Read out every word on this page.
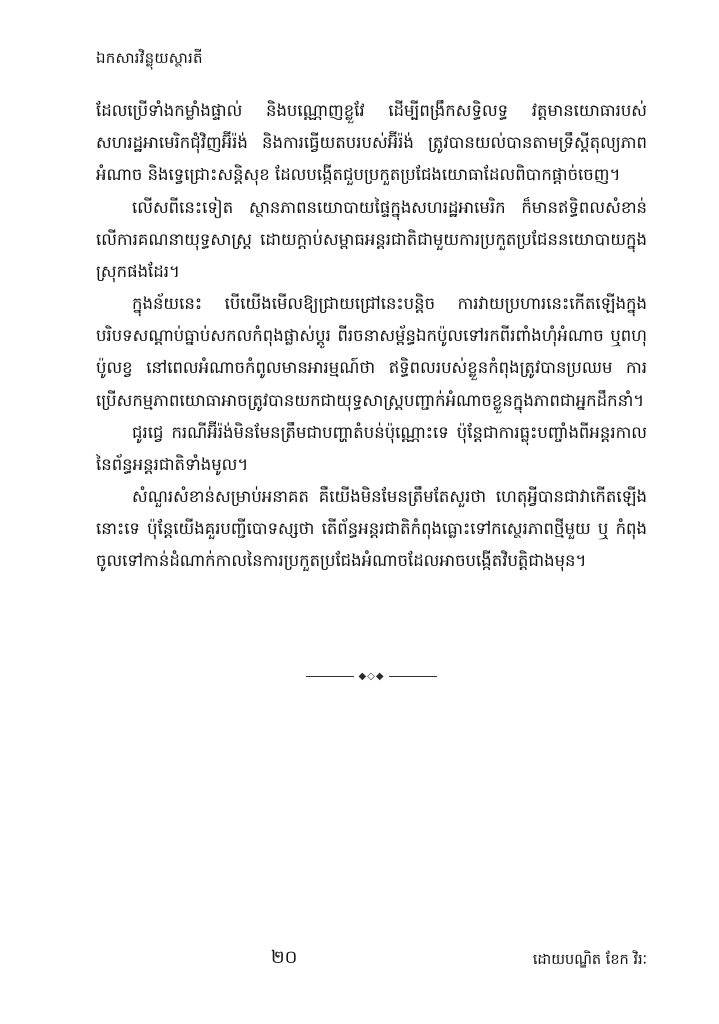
ឯកសារវិន្លុយស្ថារតី

ដែលប្រើទាំងកម្លាំងផ្ទាល់ និងបណ្ណោញខ្លួវែ ដើម្បីពង្រឹកសទ្ធិលទ្ធ វត្តមានយោធារបស់សហរដ្ឋអាមេរិកជុំវិញអ៊ីរ៉ង់ និងការធ្វើយតបរបស់អ៊ីរ៉ង់ ត្រូវបានយល់បានតាមទ្រឹស្ដីតុល្យភាពអំណាច និងទ្វេជ្រោះសន្តិសុខ ដែលបង្កើតជួបប្រកួតប្រជែងយោធាដែលពិបាកផ្ដាច់ចេញ។

លើសពីនេះទៀត ស្ថានភាពនយោបាយផ្ទៃក្នុងសហរដ្ឋអាមេរិក ក៏មានឥទ្ធិពលសំខាន់លើការគណនាយុទ្ធសាស្ត្រ ដោយក្ដាប់សម្ពាធអន្តរជាតិជាមួយការប្រកួតប្រជែននយោបាយក្នុងស្រុកផងដែរ។

ក្នុងន័យនេះ បើយើងមើលឱ្យជ្រាយជ្រៅនេះបន្តិច ការវាយប្រហារនេះកើតឡើងក្នុងបរិបទសណ្ដាប់ធ្នាប់សកលកំពុងផ្លាស់ប្ដូរ ពីរចនាសម្ព័ន្ធឯកប៉ូលទៅរកពីរពាំងហុំអំណាច ឬពហុប៉ូលខ្វ នៅពេលអំណាចកំពូលមានអារម្មណ៍ថា ឥទ្ធិពលរបស់ខ្លួនកំពុងត្រូវបានប្រឈម ការប្រើសកម្មភាពយោធាអាចត្រូវបានយកជាយុទ្ធសាស្ត្របញ្ជាក់អំណាចខ្លួនក្នុងភាពជាអ្នកដឹកនាំ។

ជូរជ្វេ ករណីអ៊ីរ៉ង់មិនមែនត្រឹមជាបញ្ហាតំបន់ប៉ុណ្ណោះទេ ប៉ុន្តែជាការធ្លុះបញ្ចាំងពីអន្តរកាលនៃព័ន្ធអន្តរជាតិទាំងមូល។

សំណួរសំខាន់សម្រាប់អនាគត គឺយើងមិនមែនត្រឹមតែសួរថា ហេតុអ្វីបានជាវាកើតឡើងនោះទេ ប៉ុន្តែយើងគួរបញ្ជីបោទស្សថា តើព័ន្ធអន្តរជាតិកំពុងធ្លោះទៅកស្ថេរភាពថ្មីមួយ ឬ កំពុងចូលទៅកាន់ដំណាក់កាលនៃការប្រកួតប្រជែងអំណាចដែលអាចបង្កើតវិបត្តិជាងមុន។

◆◇◆
២០	ដោយបណ្ឌិត ខែក វិរៈ
